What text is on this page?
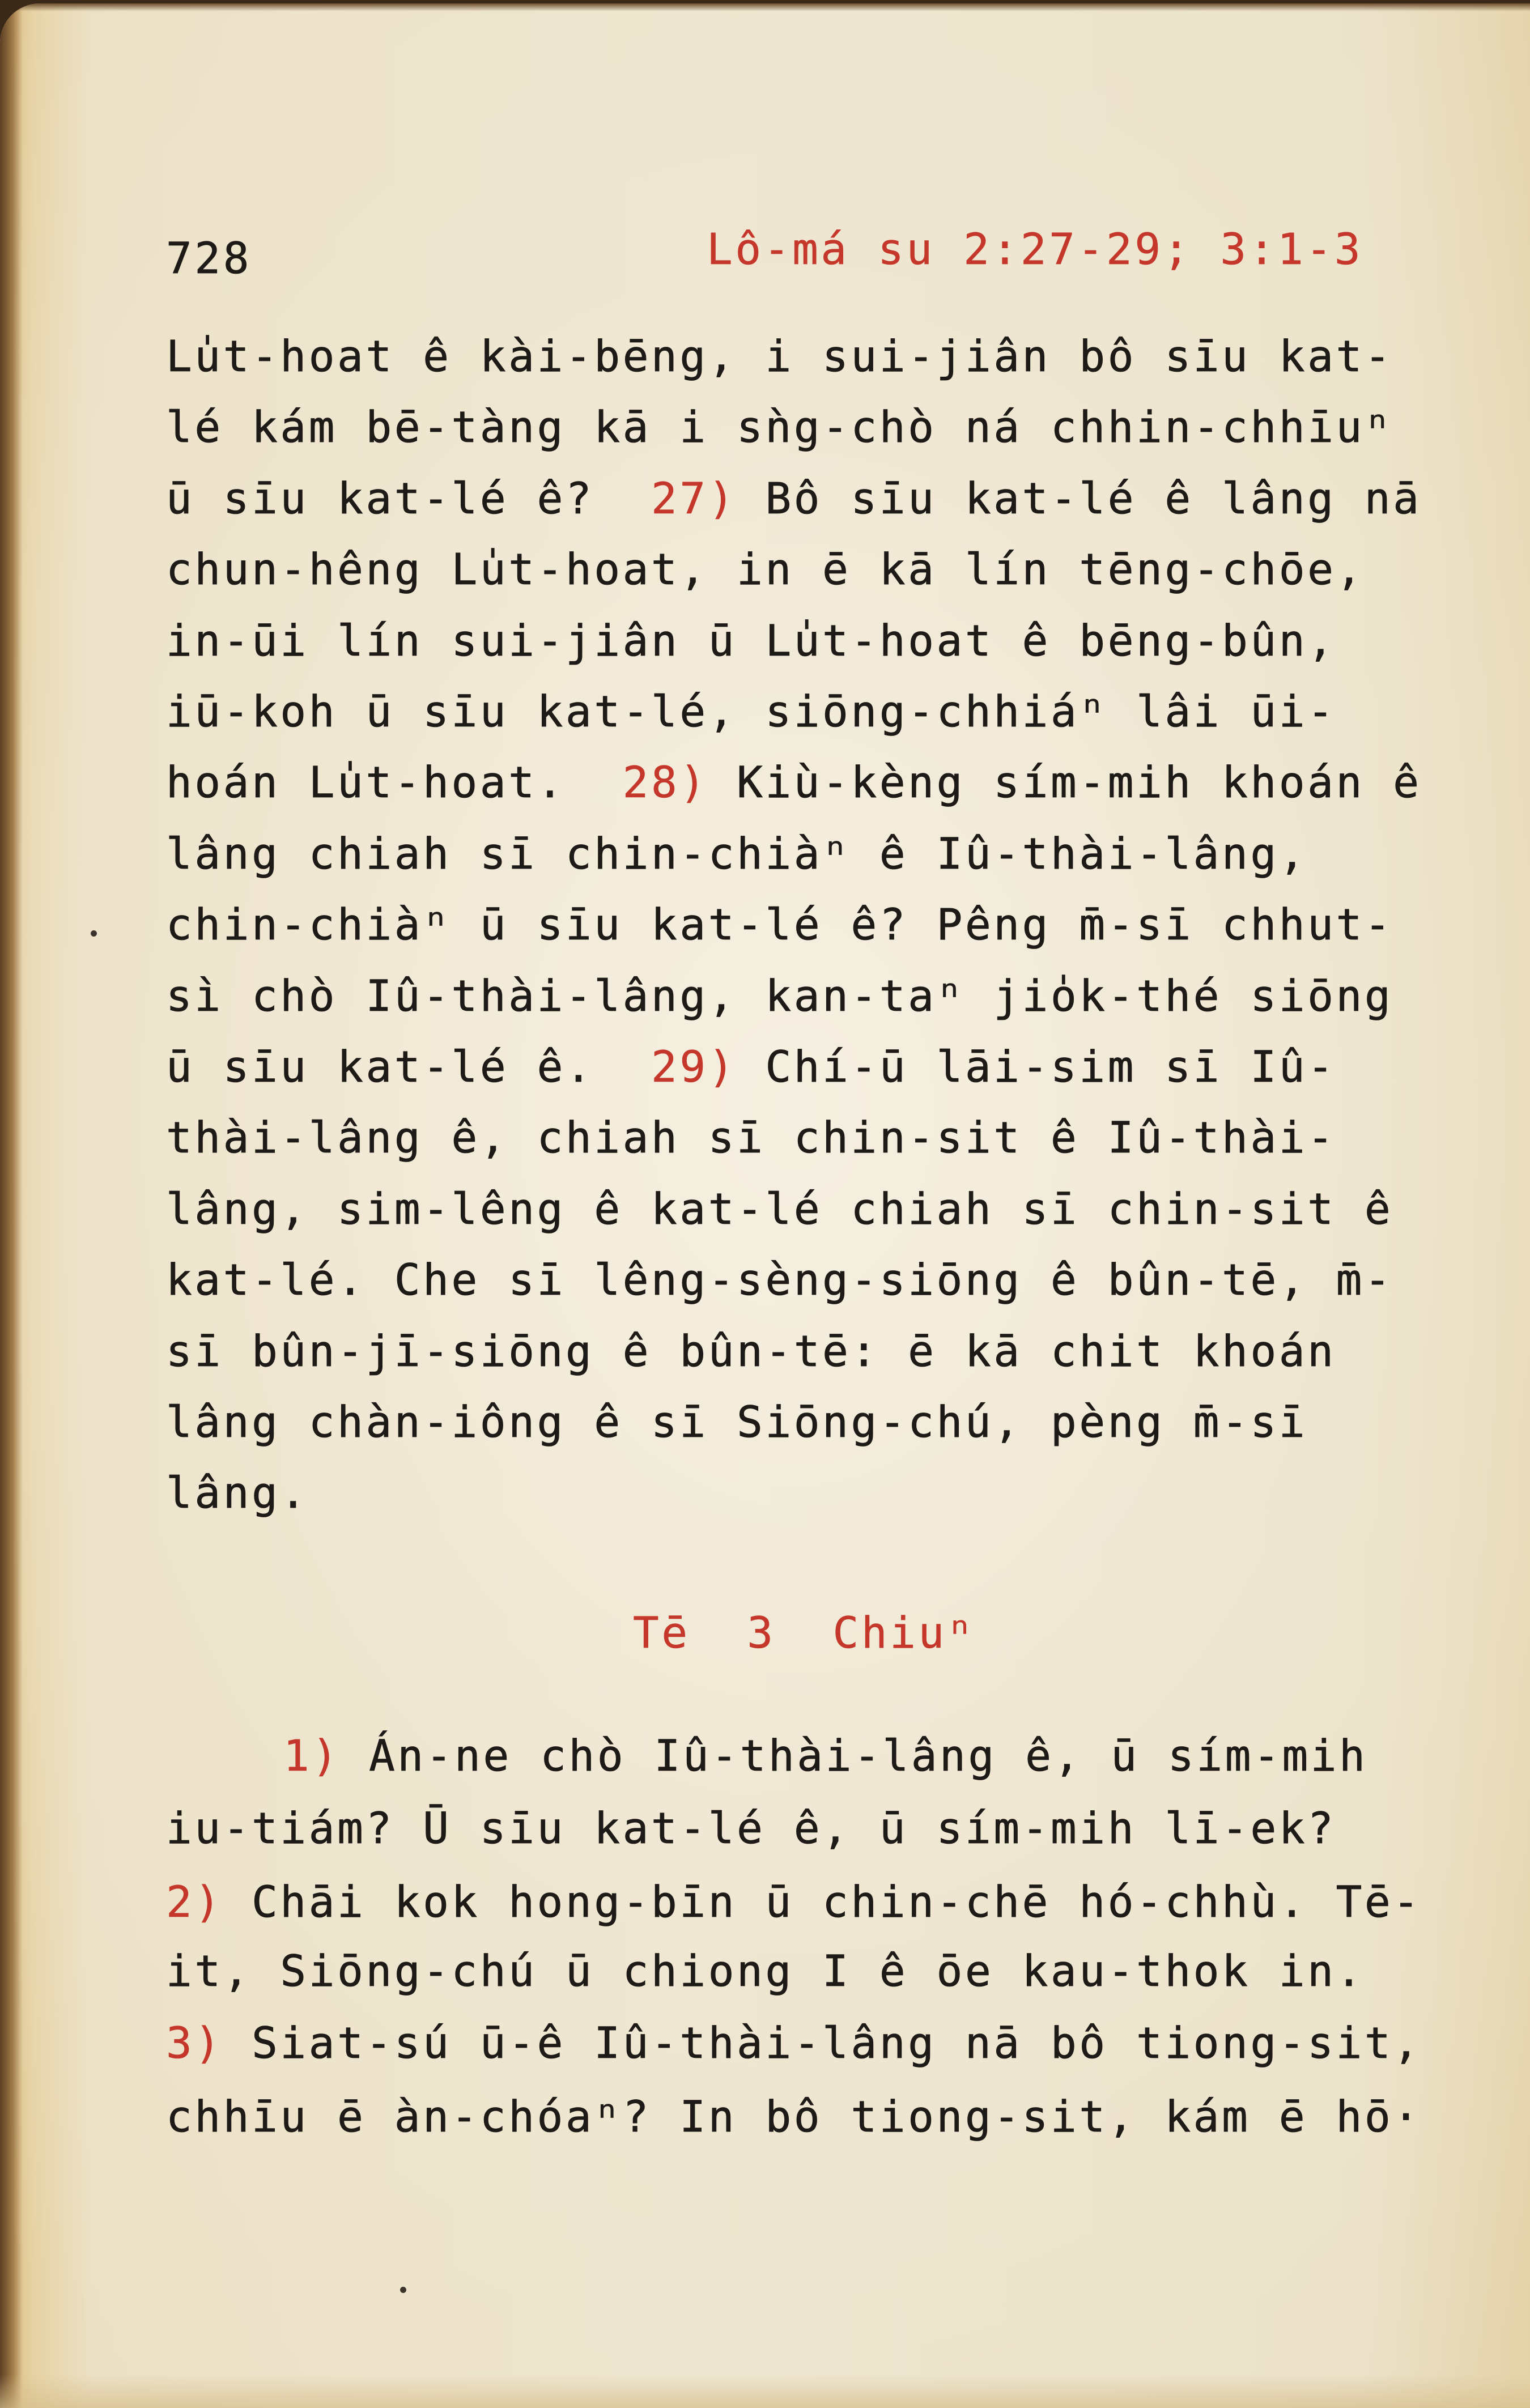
728	Lô-má su 2:27-29; 3:1-3
Lu̍t-hoat ê kài-bēng, i sui-jiân bô sīu kat-
lé kám bē-tàng kā i sǹg-chò ná chhin-chhīuⁿ
ū sīu kat-lé ê? 27) Bô sīu kat-lé ê lâng nā
chun-hêng Lu̍t-hoat, in ē kā lín tēng-chōe,
in-ūi lín sui-jiân ū Lu̍t-hoat ê bēng-bûn,
iū-koh ū sīu kat-lé, siōng-chhiáⁿ lâi ūi-
hoán Lu̍t-hoat. 28) Kiù-kèng sím-mih khoán ê
lâng chiah sī chin-chiàⁿ ê Iû-thài-lâng,
chin-chiàⁿ ū sīu kat-lé ê? Pêng m̄-sī chhut-
sì chò Iû-thài-lâng, kan-taⁿ jio̍k-thé siōng
ū sīu kat-lé ê. 29) Chí-ū lāi-sim sī Iû-
thài-lâng ê, chiah sī chin-sit ê Iû-thài-
lâng, sim-lêng ê kat-lé chiah sī chin-sit ê
kat-lé. Che sī lêng-sèng-siōng ê bûn-tē, m̄-
sī bûn-jī-siōng ê bûn-tē: ē kā chit khoán
lâng chàn-iông ê sī Siōng-chú, pèng m̄-sī
lâng.
Tē  3  Chiuⁿ
1) Án-ne chò Iû-thài-lâng ê, ū sím-mih
iu-tiám? Ū sīu kat-lé ê, ū sím-mih lī-ek?
2) Chāi kok hong-bīn ū chin-chē hó-chhù. Tē-
it, Siōng-chú ū chiong I ê ōe kau-thok in.
3) Siat-sú ū-ê Iû-thài-lâng nā bô tiong-sit,
chhīu ē àn-chóaⁿ? In bô tiong-sit, kám ē hō·
